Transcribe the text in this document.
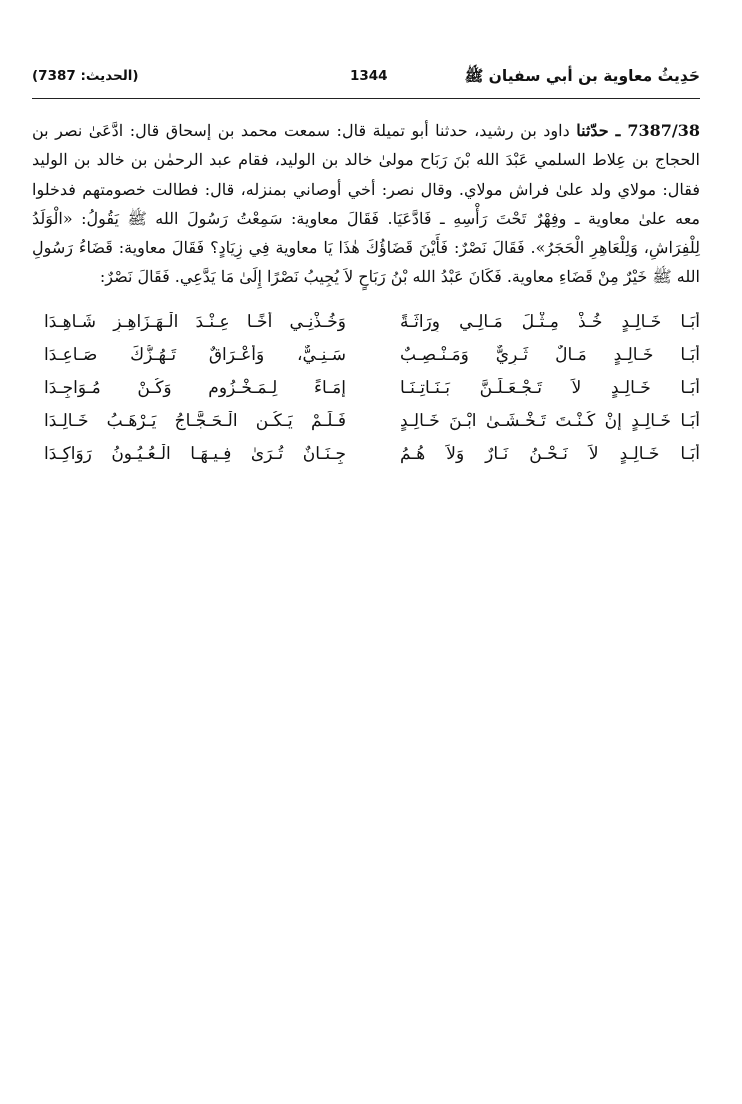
(الحديث: 7387)	1344	حَدِيثُ معاوية بن أبي سفيان ﷺ
7387/38 ـ حدّثنا داود بن رشيد، حدثنا أبو تميلة قال: سمعت محمد بن إسحاق قال: ادَّعَىٰ نصر بن الحجاج بن عِلاط السلمي عَبْدَ الله بْنَ رَبَاح مولىٰ خالد بن الوليد، فقام عبد الرحمٰن بن خالد بن الوليد فقال: مولاي ولد علىٰ فراش مولاي. وقال نصر: أخي أوصاني بمنزله، قال: فطالت خصومتهم فدخلوا معه علىٰ معاوية ـ وفِهْرٌ تَحْتَ رَأْسِهِ ـ فَادَّعَيَا. فَقَالَ معاوية: سَمِعْتُ رَسُولَ الله ﷺ يَقُولُ: «الْوَلَدُ لِلْفِرَاشِ، وَلِلْعَاهِرِ الْحَجَرُ». فَقَالَ نَصْرٌ: فَأَيْنَ قَضَاؤُكَ هٰذَا يَا معاوية فِي زِيَادٍ؟ فَقَالَ معاوية: قَضَاءُ رَسُولِ الله ﷺ خَيْرٌ مِنْ قَضَاءِ معاوية. فَكَانَ عَبْدُ الله بْنُ رَبَاحٍ لاَ يُجِيبُ نَصْرًا إِلَىٰ مَا يَدَّعِي. فَقَالَ نَصْرٌ:
أَبَـا خَـالِـدٍ خُـذْ مِـثْـلَ مَـالِـي وِرَاثَـةً
وَخُـذْنِـي أَخًـا عِـنْـدَ الْـهَـزَاهِـزِ شَـاهِـدَا
أَبَـا خَـالِـدٍ مَـالٌ ثَـرِيٌّ وَمَـنْـصِـبٌ
سَـنِـيٌّ، وَأَعْـرَاقٌ تَـهُـزُّكَ صَـاعِـدَا
أَبَـا خَـالِـدٍ لاَ تَـجْـعَـلَـنَّ بَـنَـاتِـنَـا
إِمَـاءً لِـمَـخْـزُومٍ وَكُـنْ مُـوَاجِـدَا
أَبَـا خَـالِـدٍ إِنْ كُـنْـتَ تَـخْـشَـىٰ ابْـنَ خَـالِـدٍ
فَـلَـمْ يَـكُـنِ الْـحَـجَّـاجُ يَـرْهَـبُ خَـالِـدَا
أَبَـا خَـالِـدٍ لاَ نَـحْـنُ نَـارٌ وَلاَ هُـمُ
جِـنَـانٌ تُـرَىٰ فِـيـهَـا الْـعُـيُـونُ رَوَاكِـدَا
